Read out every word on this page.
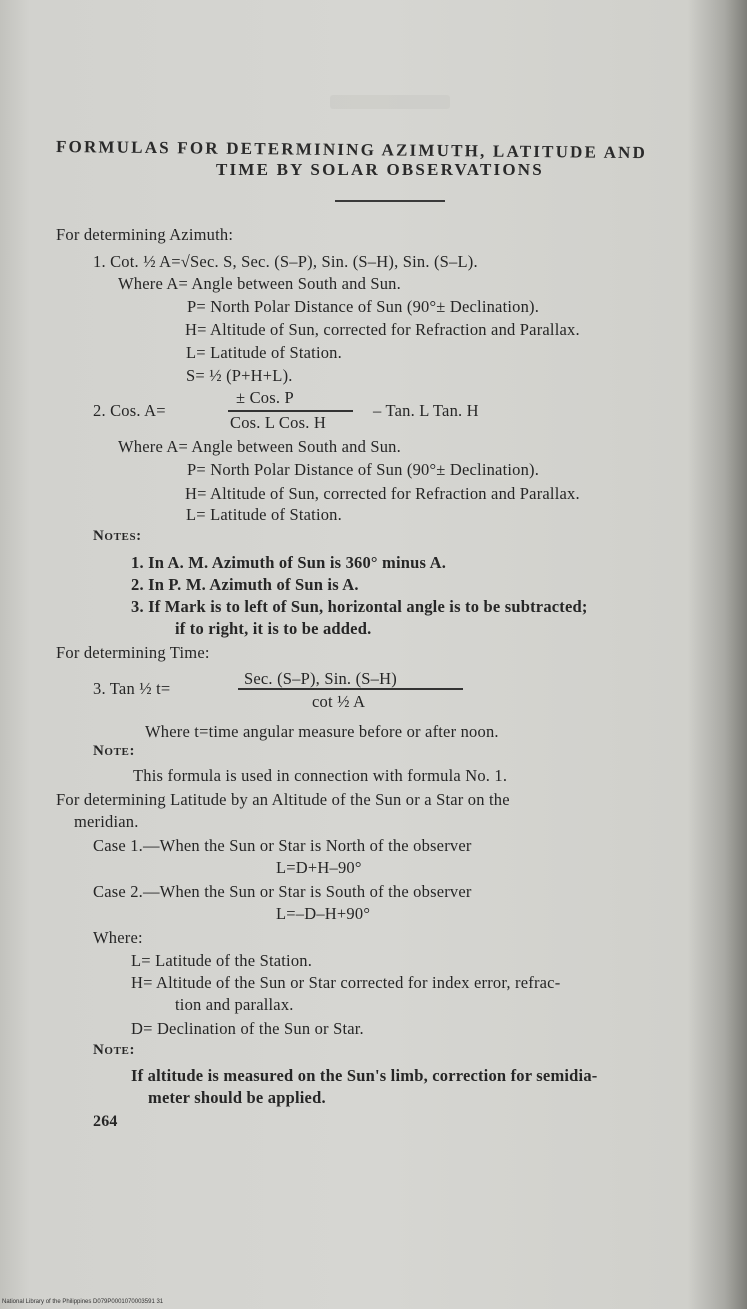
FORMULAS FOR DETERMINING AZIMUTH, LATITUDE AND
TIME BY SOLAR OBSERVATIONS
For determining Azimuth:
1. Cot. ½ A=√Sec. S, Sec. (S–P), Sin. (S–H), Sin. (S–L).
Where A= Angle between South and Sun.
P= North Polar Distance of Sun (90°± Declination).
H= Altitude of Sun, corrected for Refraction and Parallax.
L= Latitude of Station.
S= ½ (P+H+L).
± Cos. P
2. Cos. A=	– Tan. L Tan. H
Cos. L Cos. H
Where A= Angle between South and Sun.
P= North Polar Distance of Sun (90°± Declination).
H= Altitude of Sun, corrected for Refraction and Parallax.
L= Latitude of Station.
Notes:
1. In A. M. Azimuth of Sun is 360° minus A.
2. In P. M. Azimuth of Sun is A.
3. If Mark is to left of Sun, horizontal angle is to be subtracted;
if to right, it is to be added.
For determining Time:
Sec. (S–P), Sin. (S–H)
3. Tan ½ t=
cot ½ A
Where t=time angular measure before or after noon.
Note:
This formula is used in connection with formula No. 1.
For determining Latitude by an Altitude of the Sun or a Star on the
meridian.
Case 1.—When the Sun or Star is North of the observer
L=D+H–90°
Case 2.—When the Sun or Star is South of the observer
L=–D–H+90°
Where:
L= Latitude of the Station.
H= Altitude of the Sun or Star corrected for index error, refrac-
tion and parallax.
D= Declination of the Sun or Star.
Note:
If altitude is measured on the Sun's limb, correction for semidia-
meter should be applied.
264
National Library of the Philippines D079P0001070003591 31
